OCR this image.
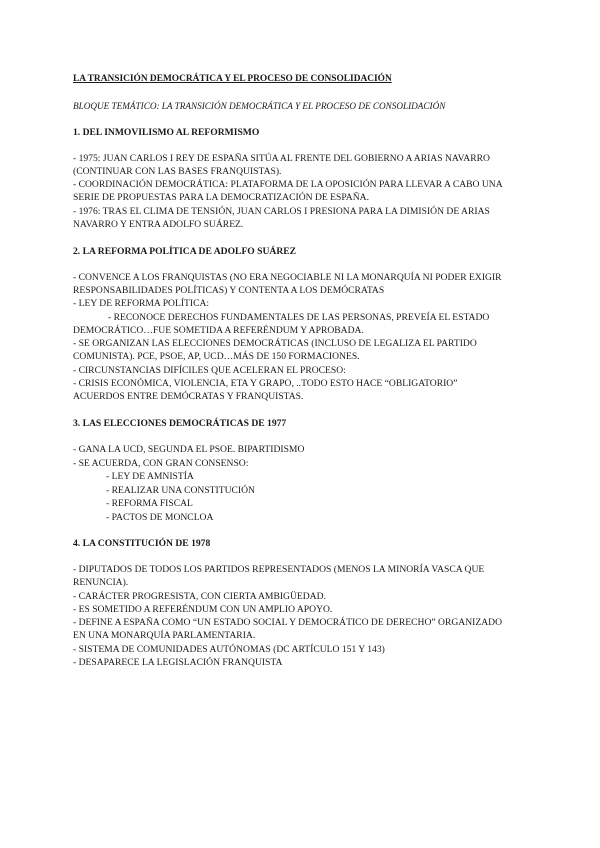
LA TRANSICIÓN DEMOCRÁTICA Y EL PROCESO DE CONSOLIDACIÓN
BLOQUE TEMÁTICO: LA TRANSICIÓN DEMOCRÁTICA Y EL PROCESO DE CONSOLIDACIÓN
1. DEL INMOVILISMO AL REFORMISMO
- 1975: JUAN CARLOS I REY DE ESPAÑA SITÚA AL FRENTE DEL GOBIERNO A ARIAS NAVARRO
(CONTINUAR CON LAS BASES FRANQUISTAS).
- COORDINACIÓN DEMOCRÁTICA: PLATAFORMA DE LA OPOSICIÓN PARA LLEVAR A CABO UNA
SERIE DE PROPUESTAS PARA LA DEMOCRATIZACIÓN DE ESPAÑA.
- 1976: TRAS EL CLIMA DE TENSIÓN, JUAN CARLOS I PRESIONA PARA LA DIMISIÓN DE ARIAS
NAVARRO Y ENTRA ADOLFO SUÁREZ.
2. LA REFORMA POLÍTICA DE ADOLFO SUÁREZ
- CONVENCE A LOS FRANQUISTAS (NO ERA NEGOCIABLE NI LA MONARQUÍA NI PODER EXIGIR
RESPONSABILIDADES POLÍTICAS) Y CONTENTA A LOS DEMÓCRATAS
- LEY DE REFORMA POLÍTICA:
- RECONOCE DERECHOS FUNDAMENTALES DE LAS PERSONAS, PREVEÍA EL ESTADO
DEMOCRÁTICO…FUE SOMETIDA A REFERÉNDUM Y APROBADA.
- SE ORGANIZAN LAS ELECCIONES DEMOCRÁTICAS (INCLUSO DE LEGALIZA EL PARTIDO
COMUNISTA). PCE, PSOE, AP, UCD…MÁS DE 150 FORMACIONES.
- CIRCUNSTANCIAS DIFÍCILES QUE ACELERAN EL PROCESO:
- CRISIS ECONÓMICA, VIOLENCIA, ETA Y GRAPO, ..TODO ESTO HACE “OBLIGATORIO”
ACUERDOS ENTRE DEMÓCRATAS Y FRANQUISTAS.
3. LAS ELECCIONES DEMOCRÁTICAS DE 1977
- GANA LA UCD, SEGUNDA EL PSOE. BIPARTIDISMO
- SE ACUERDA, CON GRAN CONSENSO:
- LEY DE AMNISTÍA
- REALIZAR UNA CONSTITUCIÓN
- REFORMA FISCAL
- PACTOS DE MONCLOA
4. LA CONSTITUCIÓN DE 1978
- DIPUTADOS DE TODOS LOS PARTIDOS REPRESENTADOS (MENOS LA MINORÍA VASCA QUE
RENUNCIA).
- CARÁCTER PROGRESISTA, CON CIERTA AMBIGÜEDAD.
- ES SOMETIDO A REFERÉNDUM CON UN AMPLIO APOYO.
- DEFINE A ESPAÑA COMO “UN ESTADO SOCIAL Y DEMOCRÁTICO DE DERECHO” ORGANIZADO
EN UNA MONARQUÍA PARLAMENTARIA.
- SISTEMA DE COMUNIDADES AUTÓNOMAS (DC ARTÍCULO 151 Y 143)
- DESAPARECE LA LEGISLACIÓN FRANQUISTA
